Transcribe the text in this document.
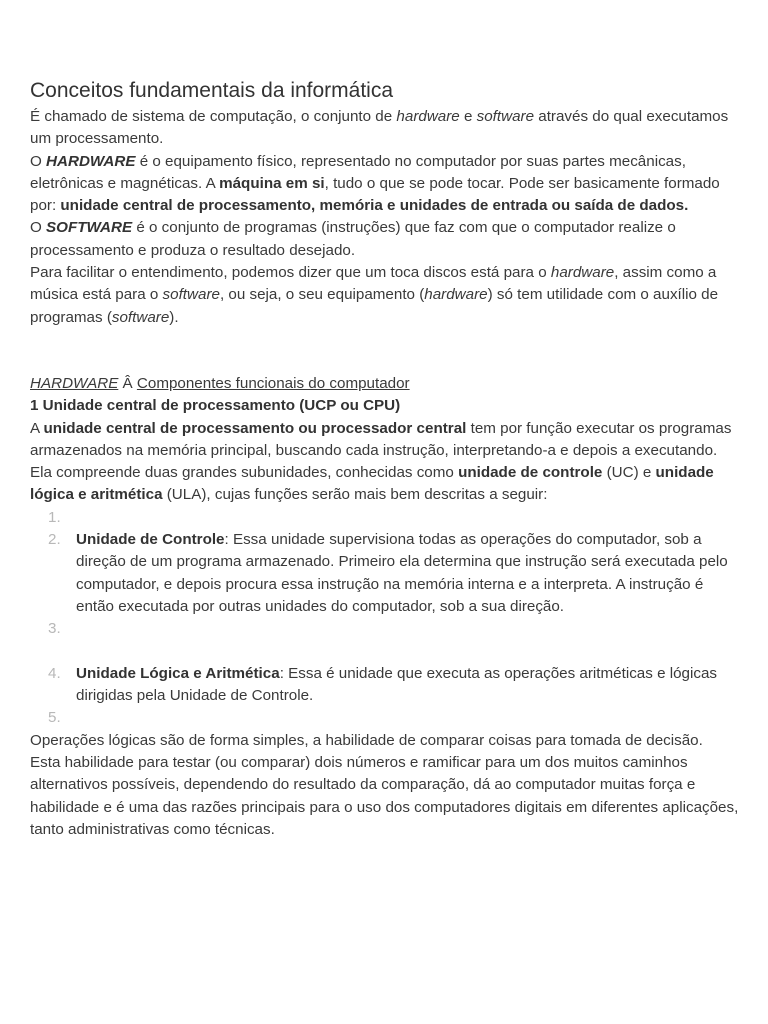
Conceitos fundamentais da informática

É chamado de sistema de computação, o conjunto de hardware e software através do qual executamos um processamento.

O HARDWARE é o equipamento físico, representado no computador por suas partes mecânicas, eletrônicas e magnéticas. A máquina em si, tudo o que se pode tocar. Pode ser basicamente formado por: unidade central de processamento, memória e unidades de entrada ou saída de dados.

O SOFTWARE é o conjunto de programas (instruções) que faz com que o computador realize o processamento e produza o resultado desejado.

Para facilitar o entendimento, podemos dizer que um toca discos está para o hardware, assim como a música está para o software, ou seja, o seu equipamento (hardware) só tem utilidade com o auxílio de programas (software).

HARDWARE Â Componentes funcionais do computador

1 Unidade central de processamento (UCP ou CPU)

A unidade central de processamento ou processador central tem por função executar os programas armazenados na memória principal, buscando cada instrução, interpretando-a e depois a executando. Ela compreende duas grandes subunidades, conhecidas como unidade de controle (UC) e unidade lógica e aritmética (ULA), cujas funções serão mais bem descritas a seguir:

1.
2. Unidade de Controle: Essa unidade supervisiona todas as operações do computador, sob a direção de um programa armazenado. Primeiro ela determina que instrução será executada pelo computador, e depois procura essa instrução na memória interna e a interpreta. A instrução é então executada por outras unidades do computador, sob a sua direção.
3.
4. Unidade Lógica e Aritmética: Essa é unidade que executa as operações aritméticas e lógicas dirigidas pela Unidade de Controle.
5.

Operações lógicas são de forma simples, a habilidade de comparar coisas para tomada de decisão.

Esta habilidade para testar (ou comparar) dois números e ramificar para um dos muitos caminhos alternativos possíveis, dependendo do resultado da comparação, dá ao computador muitas força e habilidade e é uma das razões principais para o uso dos computadores digitais em diferentes aplicações, tanto administrativas como técnicas.
